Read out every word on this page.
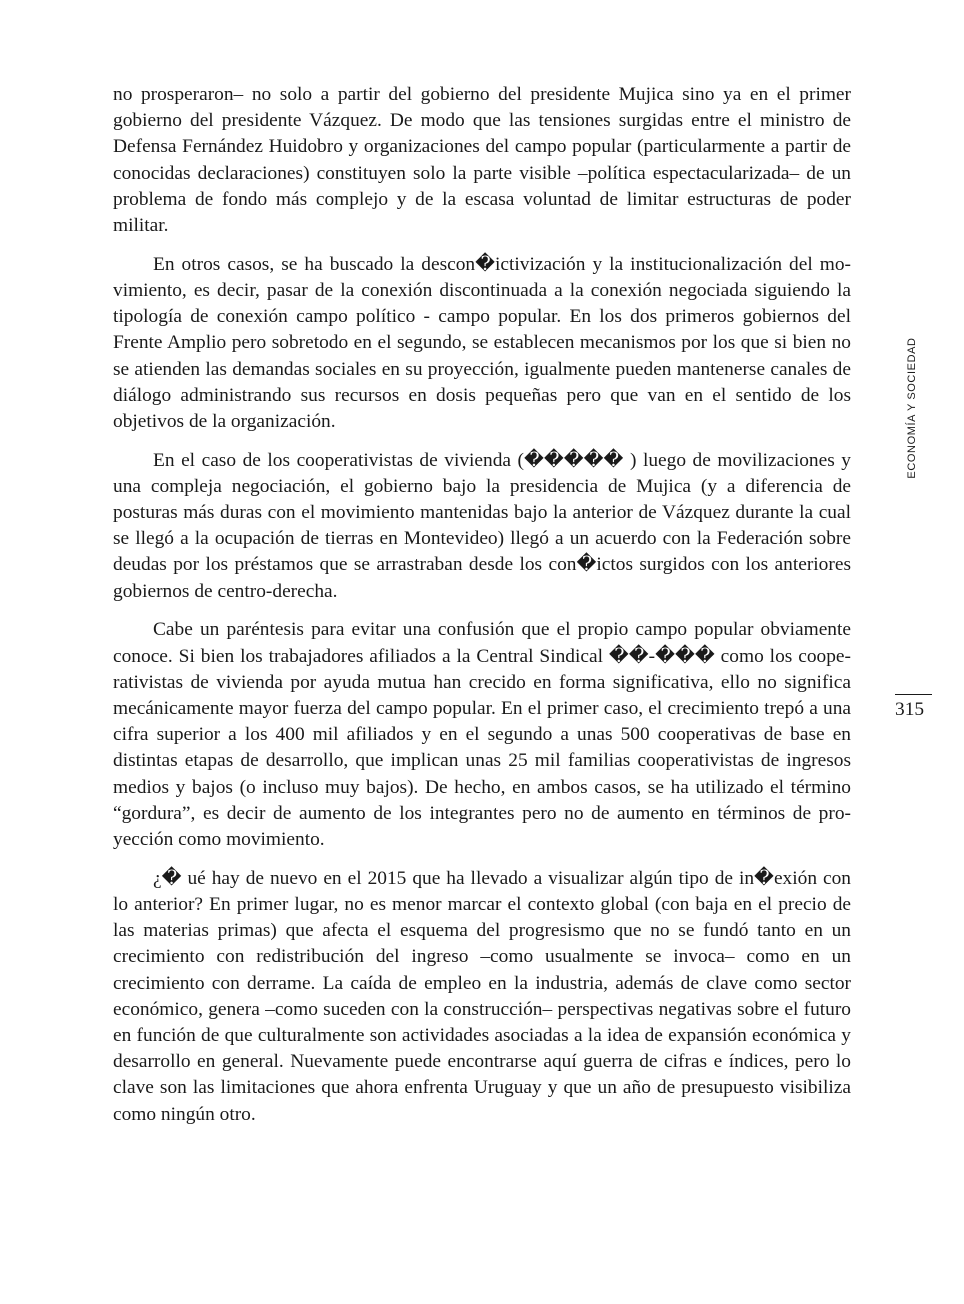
no prosperaron– no solo a partir del gobierno del presidente Mujica sino ya en el primer gobierno del presidente Vázquez. De modo que las tensiones surgidas entre el ministro de Defensa Fernández Huidobro y organizaciones del campo popular (particularmente a partir de conocidas declaraciones) constituyen solo la parte visible –política espectacularizada– de un problema de fondo más complejo y de la escasa voluntad de limitar estructuras de poder militar.

En otros casos, se ha buscado la descon�ictivización y la institucionalización del movimiento, es decir, pasar de la conexión discontinuada a la conexión negociada siguiendo la tipología de conexión campo político - campo popular. En los dos primeros gobiernos del Frente Amplio pero sobretodo en el segundo, se establecen mecanismos por los que si bien no se atienden las demandas sociales en su proyección, igualmente pueden mantenerse canales de diálogo administrando sus recursos en dosis pequeñas pero que van en el sentido de los objetivos de la organización.

En el caso de los cooperativistas de vivienda (����� ) luego de movilizaciones y una compleja negociación, el gobierno bajo la presidencia de Mujica (y a diferencia de posturas más duras con el movimiento mantenidas bajo la anterior de Vázquez durante la cual se llegó a la ocupación de tierras en Montevideo) llegó a un acuerdo con la Federación sobre deudas por los préstamos que se arrastraban desde los con�ictos surgidos con los anteriores gobiernos de centro-derecha.

Cabe un paréntesis para evitar una confusión que el propio campo popular obviamente conoce. Si bien los trabajadores afiliados a la Central Sindical ��-��� como los cooperativistas de vivienda por ayuda mutua han crecido en forma significativa, ello no significa mecánicamente mayor fuerza del campo popular. En el primer caso, el crecimiento trepó a una cifra superior a los 400 mil afiliados y en el segundo a unas 500 cooperativas de base en distintas etapas de desarrollo, que implican unas 25 mil familias cooperativistas de ingresos medios y bajos (o incluso muy bajos). De hecho, en ambos casos, se ha utilizado el término “gordura”, es decir de aumento de los integrantes pero no de aumento en términos de proyección como movimiento.

¿� ué hay de nuevo en el 2015 que ha llevado a visualizar algún tipo de in�exión con lo anterior? En primer lugar, no es menor marcar el contexto global (con baja en el precio de las materias primas) que afecta el esquema del progresismo que no se fundó tanto en un crecimiento con redistribución del ingreso –como usualmente se invoca– como en un crecimiento con derrame. La caída de empleo en la industria, además de clave como sector económico, genera –como suceden con la construcción– perspectivas negativas sobre el futuro en función de que culturalmente son actividades asociadas a la idea de expansión económica y desarrollo en general. Nuevamente puede encontrarse aquí guerra de cifras e índices, pero lo clave son las limitaciones que ahora enfrenta Uruguay y que un año de presupuesto visibiliza como ningún otro.

ECONOMÍA Y SOCIEDAD
315
